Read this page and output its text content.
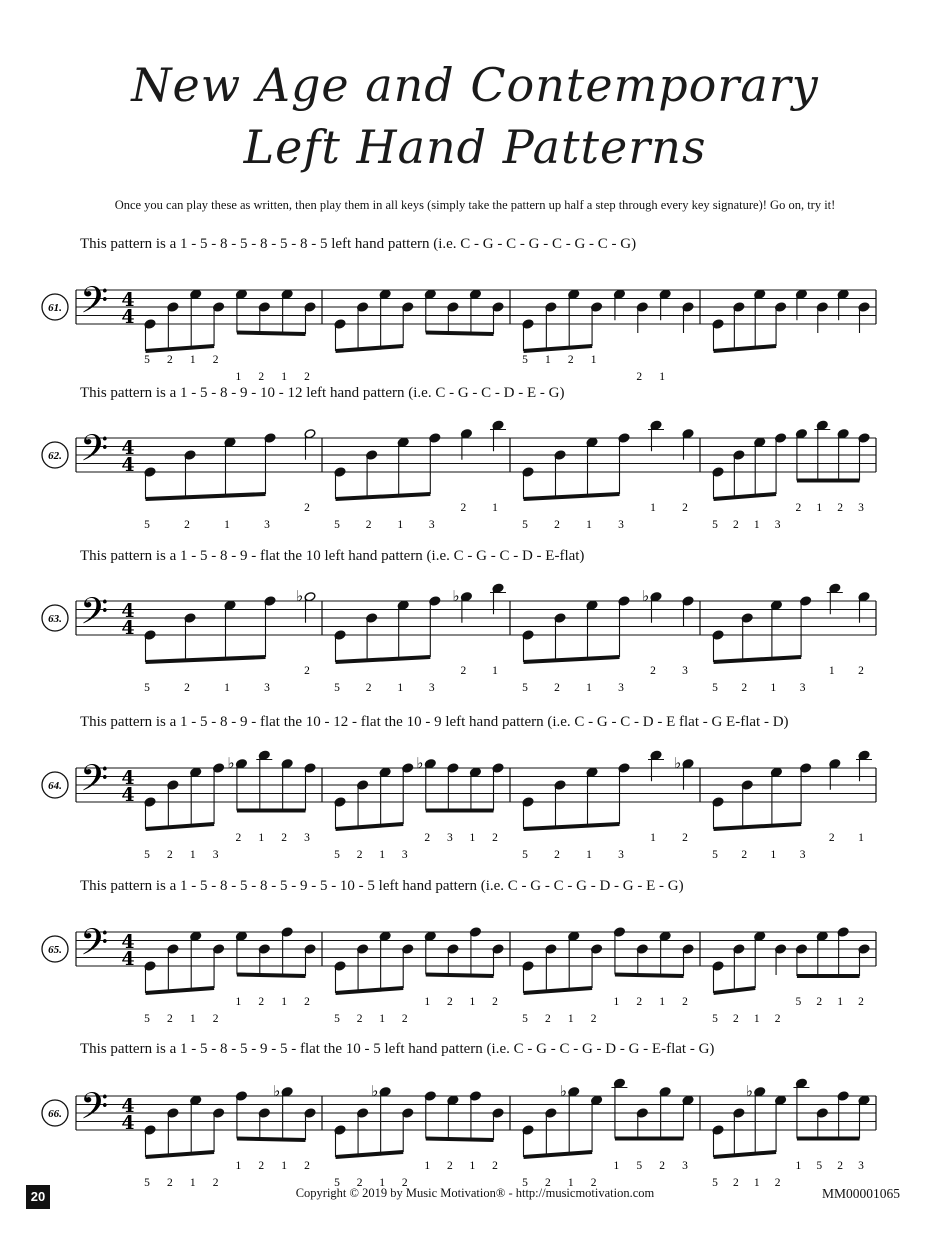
New Age and Contemporary
Left Hand Patterns
Once you can play these as written, then play them in all keys (simply take the pattern up half a step through every key signature)! Go on, try it!
This pattern is a 1 - 5 - 8 - 5 - 8 - 5 - 8 - 5 left hand pattern (i.e. C - G - C - G - C - G - C - G)
61. 𝄢 4
4
5 2 1 2
1 2 1 2
5 1 2 1
2 1
This pattern is a 1 - 5 - 8 - 9 - 10 - 12 left hand pattern (i.e. C - G - C - D - E - G)
62. 𝄢 4
4
5	2	1	3
2
5 2 1 3
2 1
5 2 1 3
1 2
5 2 1 3
2 1 2 3
This pattern is a 1 - 5 - 8 - 9 - flat the 10 left hand pattern (i.e. C - G - C - D - E-flat)
63. 𝄢 4
4
♭
5	2	1	3
2
♭
5 2 1 3
2 1
♭
5 2 1 3
2 3
5 2 1 3
1 2
This pattern is a 1 - 5 - 8 - 9 - flat the 10 - 12 - flat the 10 - 9 left hand pattern (i.e. C - G - C - D - E flat - G E-flat - D)
64. 𝄢 4
4
♭
5 2 1 3
2 1 2 3
♭
5 2 1 3
2 3 1 2
♭
5 2 1 3
1 2
5 2 1 3
2 1
This pattern is a 1 - 5 - 8 - 5 - 8 - 5 - 9 - 5 - 10 - 5 left hand pattern (i.e. C - G - C - G - D - G - E - G)
65. 𝄢 4
4
5 2 1 2
1 2 1 2
5 2 1 2
1 2 1 2
5 2 1 2
1 2 1 2
5 2 1 2
5 2 1 2
This pattern is a 1 - 5 - 8 - 5 - 9 - 5 - flat the 10 - 5 left hand pattern (i.e. C - G - C - G - D - G - E-flat - G)
66. 𝄢 4
4
♭
5 2 1 2
1 2 1 2
♭
5 2 1 2
1 2 1 2
♭
5 2 1 2
1 5 2 3
♭
5 2 1 2
1 5 2 3
20	Copyright © 2019 by Music Motivation® - http://musicmotivation.com	MM00001065
